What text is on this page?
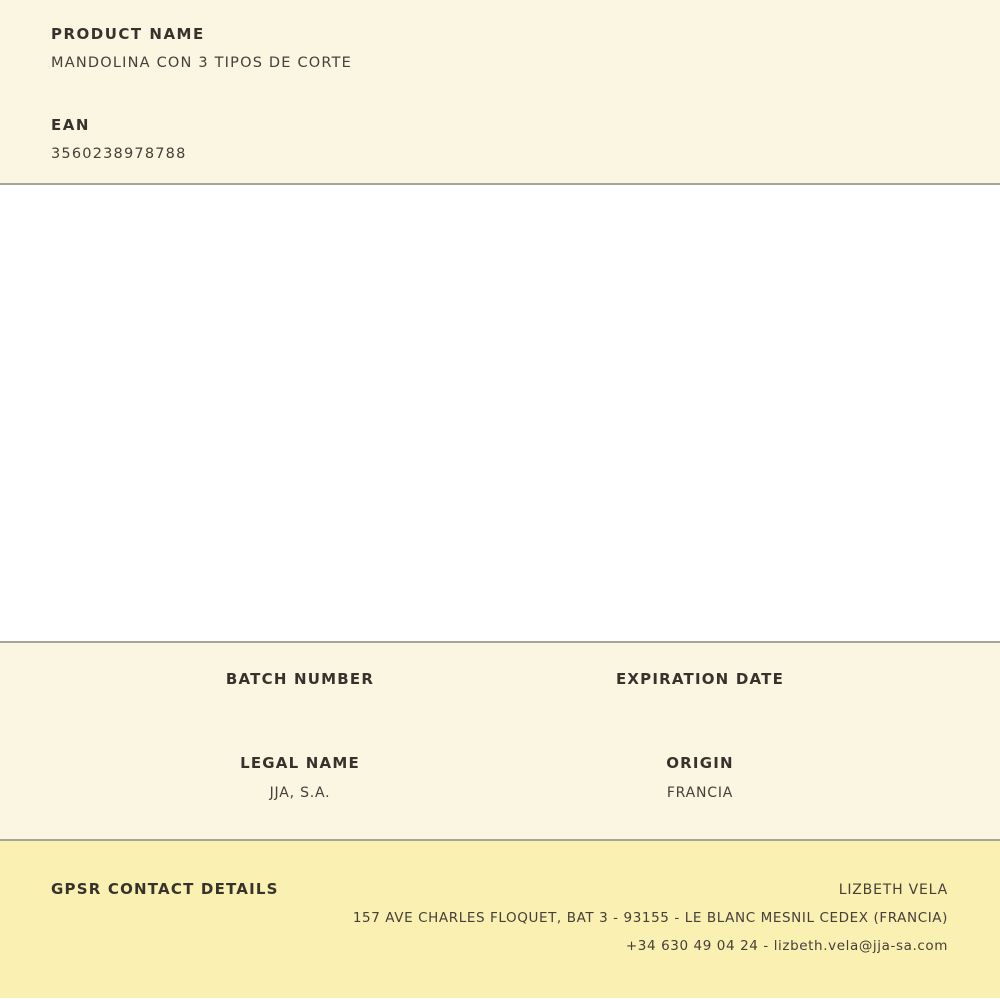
PRODUCT NAME
MANDOLINA CON 3 TIPOS DE CORTE
EAN
3560238978788
BATCH NUMBER	EXPIRATION DATE
LEGAL NAME
JJA, S.A.
ORIGIN
FRANCIA
GPSR CONTACT DETAILS	LIZBETH VELA
157 AVE CHARLES FLOQUET, BAT 3 - 93155 - LE BLANC MESNIL CEDEX (FRANCIA)
+34 630 49 04 24 - lizbeth.vela@jja-sa.com
